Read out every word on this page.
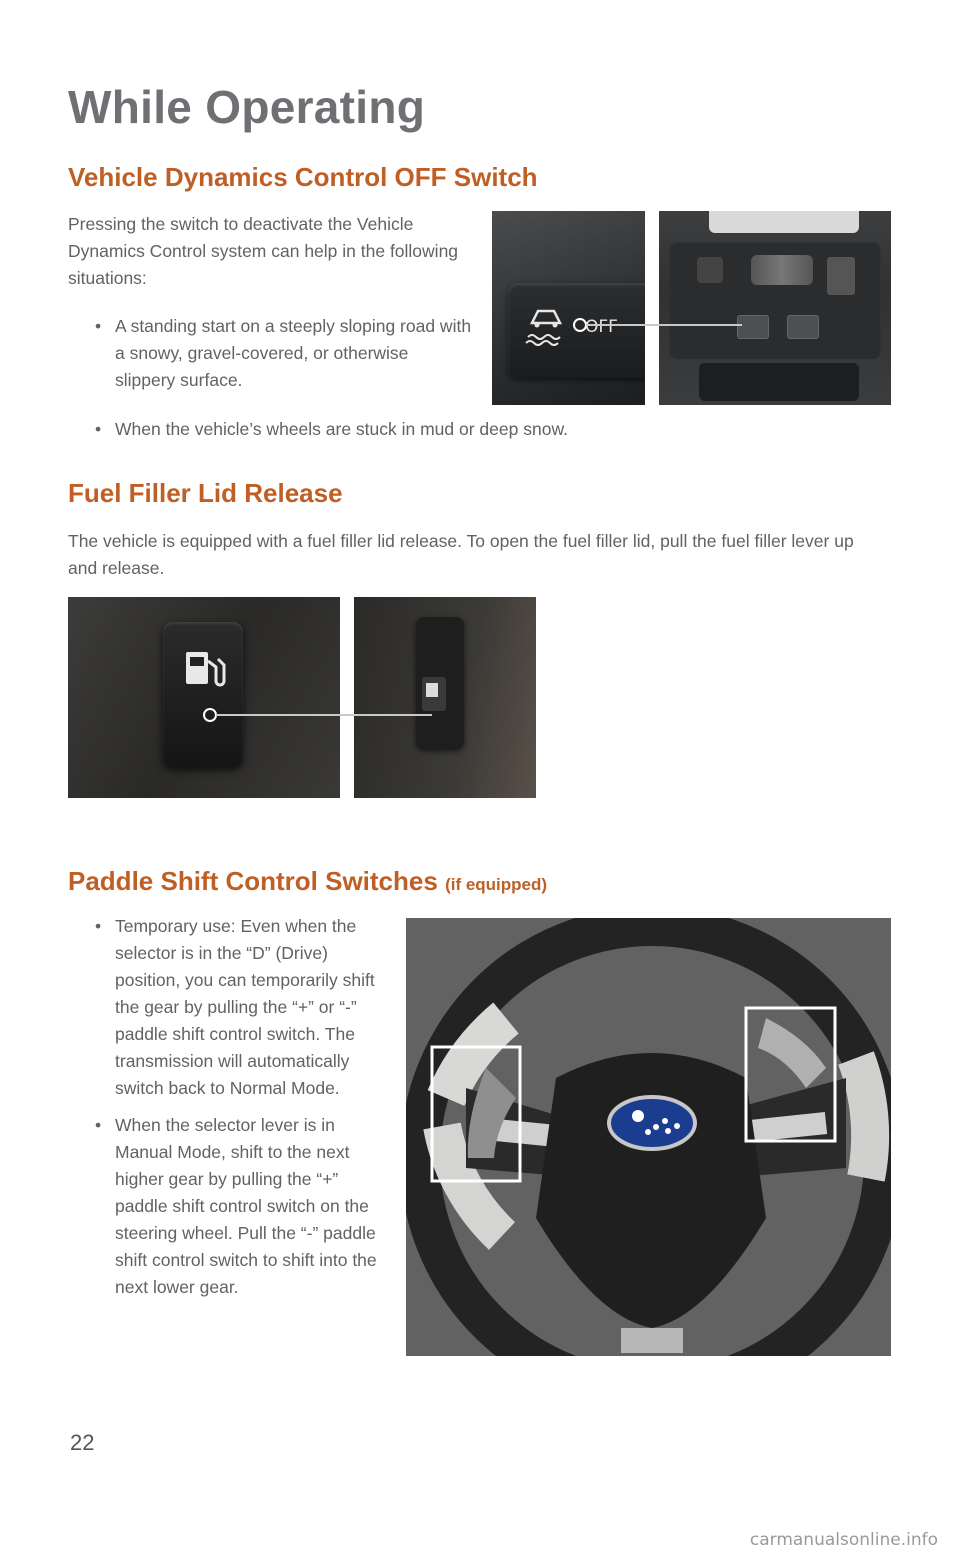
While Operating
Vehicle Dynamics Control OFF Switch

Pressing the switch to deactivate the Vehicle Dynamics Control system can help in the following situations:

• A standing start on a steeply sloping road with a snowy, gravel-covered, or otherwise slippery surface.
• When the vehicle’s wheels are stuck in mud or deep snow.
OFF
Fuel Filler Lid Release

The vehicle is equipped with a fuel filler lid release. To open the fuel filler lid, pull the fuel filler lever up and release.

Paddle Shift Control Switches (if equipped)
• Temporary use: Even when the selector is in the “D” (Drive) position, you can temporarily shift the gear by pulling the “+” or “-” paddle shift control switch. The transmission will automatically switch back to Normal Mode.
• When the selector lever is in Manual Mode, shift to the next higher gear by pulling the “+” paddle shift control switch on the steering wheel. Pull the “-” paddle shift control switch to shift into the next lower gear.
22
carmanualsonline.info
